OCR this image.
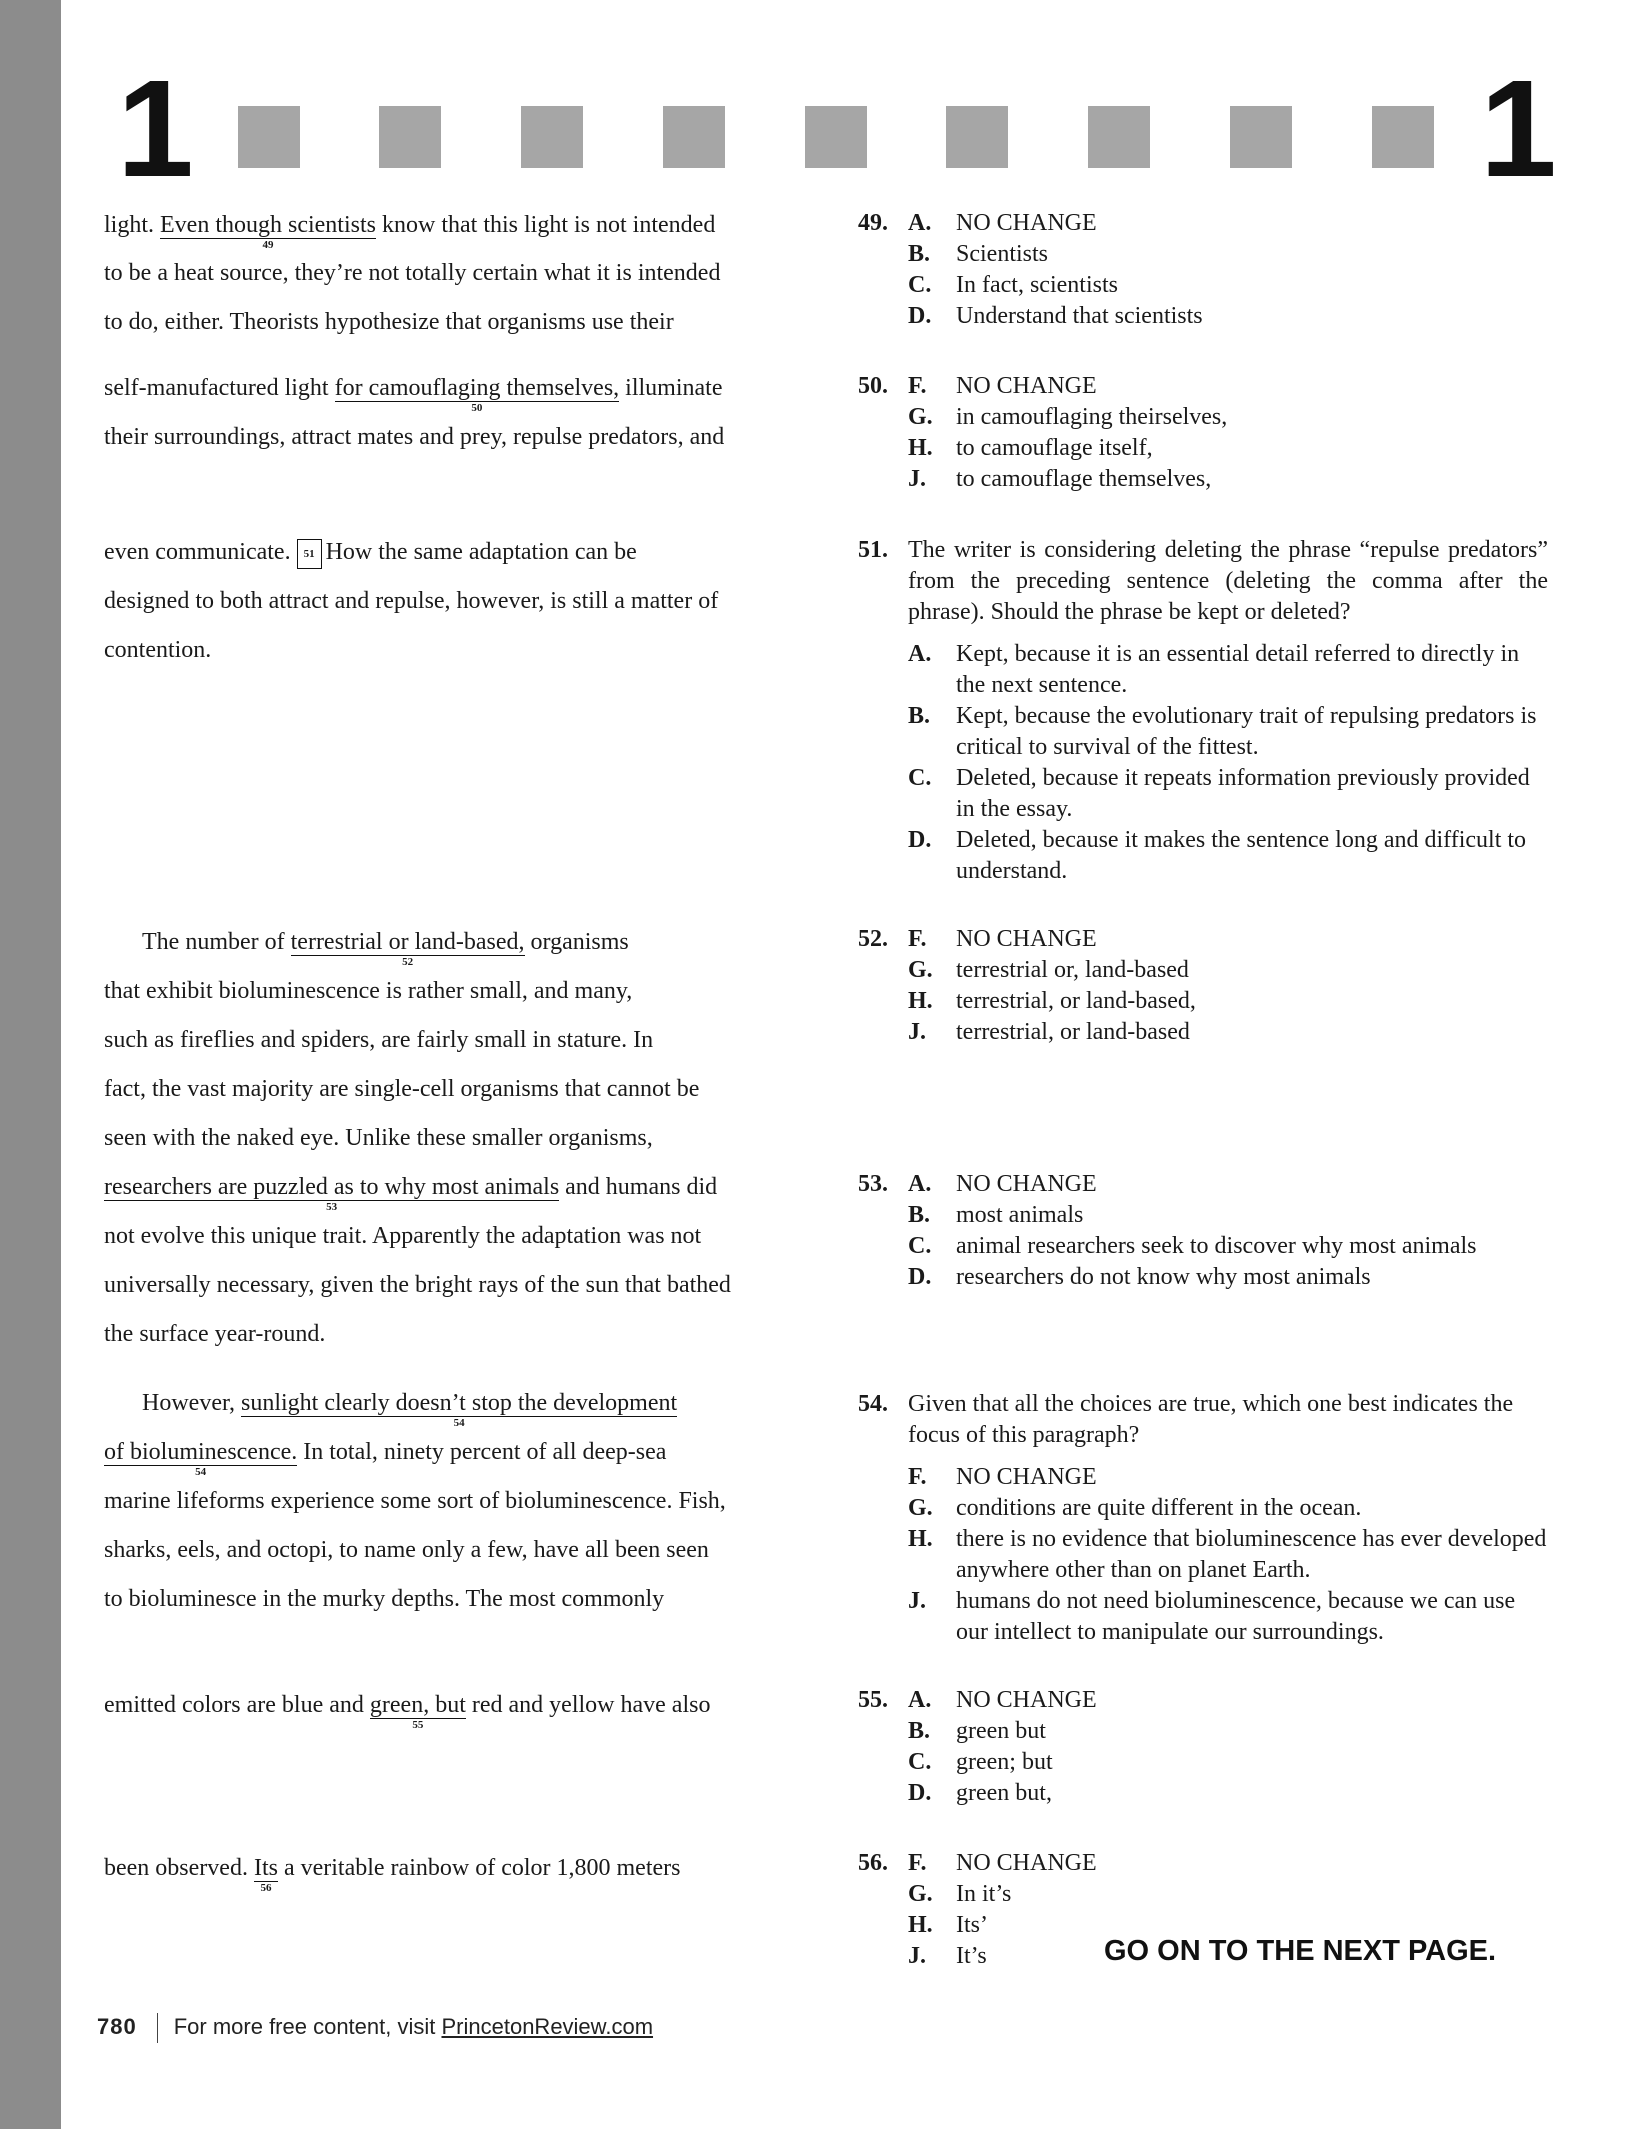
1	1
light. Even though scientists
49
know that this light is not intended
to be a heat source, they’re not totally certain what it is intended
to do, either. Theorists hypothesize that organisms use their
self-manufactured light for camouflaging themselves,
50
illuminate
their surroundings, attract mates and prey, repulse predators, and
even communicate. 51 How the same adaptation can be
designed to both attract and repulse, however, is still a matter of
contention.
The number of terrestrial or land-based,
52
organisms
that exhibit bioluminescence is rather small, and many,
such as fireflies and spiders, are fairly small in stature. In
fact, the vast majority are single-cell organisms that cannot be
seen with the naked eye. Unlike these smaller organisms,
researchers are puzzled as to why most animals
53
and humans did
not evolve this unique trait. Apparently the adaptation was not
universally necessary, given the bright rays of the sun that bathed
the surface year-round.
However, sunlight clearly doesn’t stop the development
54
of bioluminescence.
54
In total, ninety percent of all deep-sea
marine lifeforms experience some sort of bioluminescence. Fish,
sharks, eels, and octopi, to name only a few, have all been seen
to bioluminesce in the murky depths. The most commonly
emitted colors are blue and green, but
55
red and yellow have also
been observed. Its
56
a veritable rainbow of color 1,800 meters
49. A. NO CHANGE
B. Scientists
C. In fact, scientists
D. Understand that scientists
50. F. NO CHANGE
G. in camouflaging theirselves,
H. to camouflage itself,
J. to camouflage themselves,
51. The writer is considering deleting the phrase “repulse predators” from the preceding sentence (deleting the comma after the phrase). Should the phrase be kept or deleted?
A. Kept, because it is an essential detail referred to directly in the next sentence.
B. Kept, because the evolutionary trait of repulsing predators is critical to survival of the fittest.
C. Deleted, because it repeats information previously provided in the essay.
D. Deleted, because it makes the sentence long and difficult to understand.
52. F. NO CHANGE
G. terrestrial or, land-based
H. terrestrial, or land-based,
J. terrestrial, or land-based
53. A. NO CHANGE
B. most animals
C. animal researchers seek to discover why most animals
D. researchers do not know why most animals
54. Given that all the choices are true, which one best indicates the focus of this paragraph?
F. NO CHANGE
G. conditions are quite different in the ocean.
H. there is no evidence that bioluminescence has ever developed anywhere other than on planet Earth.
J. humans do not need bioluminescence, because we can use our intellect to manipulate our surroundings.
55. A. NO CHANGE
B. green but
C. green; but
D. green but,
56. F. NO CHANGE
G. In it’s
H. Its’
J. It’s	GO ON TO THE NEXT PAGE.
780 For more free content, visit PrincetonReview.com
